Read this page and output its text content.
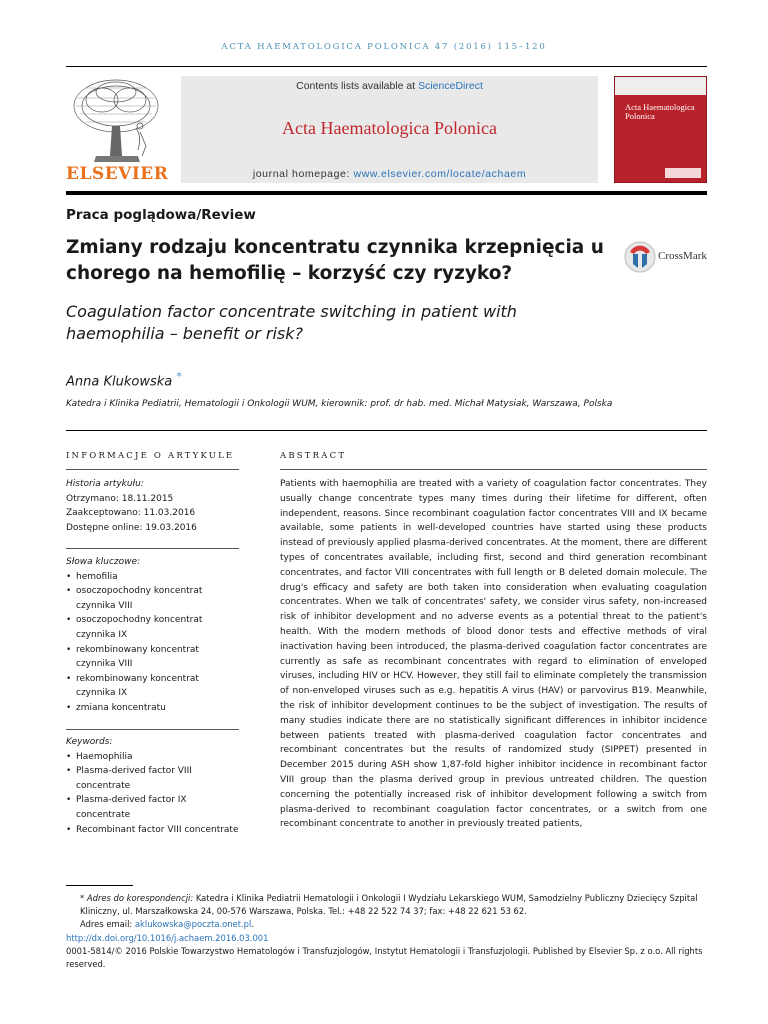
ACTA HAEMATOLOGICA POLONICA 47 (2016) 115–120
ELSEVIER
Contents lists available at ScienceDirect
Acta Haematologica Polonica
journal homepage: www.elsevier.com/locate/achaem
Acta Haematologica Polonica
Praca poglądowa/Review
Zmiany rodzaju koncentratu czynnika krzepnięcia u chorego na hemofilię – korzyść czy ryzyko?
CrossMark
Coagulation factor concentrate switching in patient with haemophilia – benefit or risk?
Anna Klukowska *
Katedra i Klinika Pediatrii, Hematologii i Onkologii WUM, kierownik: prof. dr hab. med. Michał Matysiak, Warszawa, Polska
INFORMACJE O ARTYKULE	ABSTRACT
Historia artykułu:
Otrzymano: 18.11.2015
Zaakceptowano: 11.03.2016
Dostępne online: 19.03.2016
Słowa kluczowe:
• hemofilia
• osoczopochodny koncentrat czynnika VIII
• osoczopochodny koncentrat czynnika IX
• rekombinowany koncentrat czynnika VIII
• rekombinowany koncentrat czynnika IX
• zmiana koncentratu
Keywords:
• Haemophilia
• Plasma-derived factor VIII concentrate
• Plasma-derived factor IX concentrate
• Recombinant factor VIII concentrate
Patients with haemophilia are treated with a variety of coagulation factor concentrates. They usually change concentrate types many times during their lifetime for different, often independent, reasons. Since recombinant coagulation factor concentrates VIII and IX became available, some patients in well-developed countries have started using these products instead of previously applied plasma-derived concentrates. At the moment, there are different types of concentrates available, including first, second and third generation recombinant concentrates, and factor VIII concentrates with full length or B deleted domain molecule. The drug's efficacy and safety are both taken into consideration when evaluating coagulation concentrates. When we talk of concentrates' safety, we consider virus safety, non-increased risk of inhibitor development and no adverse events as a potential threat to the patient's health. With the modern methods of blood donor tests and effective methods of viral inactivation having been introduced, the plasma-derived coagulation factor concentrates are currently as safe as recombinant concentrates with regard to elimination of enveloped viruses, including HIV or HCV. However, they still fail to eliminate completely the transmission of non-enveloped viruses such as e.g. hepatitis A virus (HAV) or parvovirus B19. Meanwhile, the risk of inhibitor development continues to be the subject of investigation. The results of many studies indicate there are no statistically significant differences in inhibitor incidence between patients treated with plasma-derived coagulation factor concentrates and recombinant concentrates but the results of randomized study (SIPPET) presented in December 2015 during ASH show 1,87-fold higher inhibitor incidence in recombinant factor VIII group than the plasma derived group in previous untreated children. The question concerning the potentially increased risk of inhibitor development following a switch from plasma-derived to recombinant coagulation factor concentrates, or a switch from one recombinant concentrate to another in previously treated patients,
* Adres do korespondencji: Katedra i Klinika Pediatrii Hematologii i Onkologii I Wydziału Lekarskiego WUM, Samodzielny Publiczny Dziecięcy Szpital Kliniczny, ul. Marszałkowska 24, 00-576 Warszawa, Polska. Tel.: +48 22 522 74 37; fax: +48 22 621 53 62.
Adres email: aklukowska@poczta.onet.pl.
http://dx.doi.org/10.1016/j.achaem.2016.03.001
0001-5814/© 2016 Polskie Towarzystwo Hematologów i Transfuzjologów, Instytut Hematologii i Transfuzjologii. Published by Elsevier Sp. z o.o. All rights reserved.
